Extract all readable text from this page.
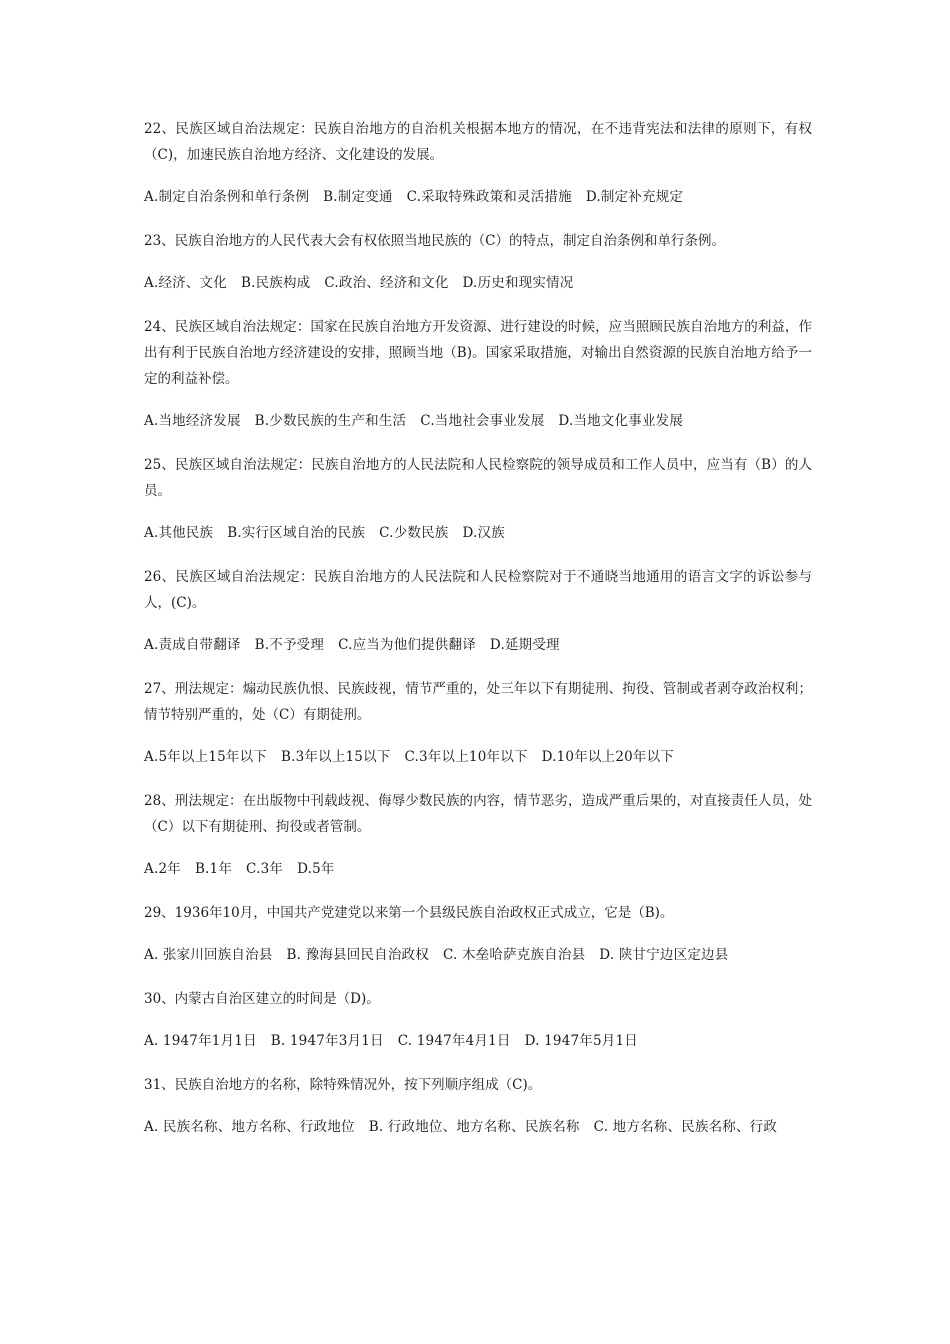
22、民族区域自治法规定：民族自治地方的自治机关根据本地方的情况，在不违背宪法和法律的原则下，有权（C)，加速民族自治地方经济、文化建设的发展。

A.制定自治条例和单行条例 B.制定变通 C.采取特殊政策和灵活措施 D.制定补充规定

23、民族自治地方的人民代表大会有权依照当地民族的（C）的特点，制定自治条例和单行条例。

A.经济、文化 B.民族构成 C.政治、经济和文化 D.历史和现实情况

24、民族区域自治法规定：国家在民族自治地方开发资源、进行建设的时候，应当照顾民族自治地方的利益，作出有利于民族自治地方经济建设的安排，照顾当地（B)。国家采取措施，对输出自然资源的民族自治地方给予一定的利益补偿。

A.当地经济发展 B.少数民族的生产和生活 C.当地社会事业发展 D.当地文化事业发展

25、民族区域自治法规定：民族自治地方的人民法院和人民检察院的领导成员和工作人员中，应当有（B）的人员。

A.其他民族 B.实行区域自治的民族 C.少数民族 D.汉族

26、民族区域自治法规定：民族自治地方的人民法院和人民检察院对于不通晓当地通用的语言文字的诉讼参与人，(C)。

A.责成自带翻译 B.不予受理 C.应当为他们提供翻译 D.延期受理

27、刑法规定：煽动民族仇恨、民族歧视，情节严重的，处三年以下有期徒刑、拘役、管制或者剥夺政治权利；情节特别严重的，处（C）有期徒刑。

A.5年以上15年以下 B.3年以上15以下 C.3年以上10年以下 D.10年以上20年以下

28、刑法规定：在出版物中刊载歧视、侮辱少数民族的内容，情节恶劣，造成严重后果的，对直接责任人员，处（C）以下有期徒刑、拘役或者管制。

A.2年 B.1年 C.3年 D.5年

29、1936年10月，中国共产党建党以来第一个县级民族自治政权正式成立，它是（B)。

A. 张家川回族自治县 B. 豫海县回民自治政权 C. 木垒哈萨克族自治县 D. 陕甘宁边区定边县

30、内蒙古自治区建立的时间是（D)。

A. 1947年1月1日 B. 1947年3月1日 C. 1947年4月1日 D. 1947年5月1日

31、民族自治地方的名称，除特殊情况外，按下列顺序组成（C)。

A. 民族名称、地方名称、行政地位 B. 行政地位、地方名称、民族名称 C. 地方名称、民族名称、行政
